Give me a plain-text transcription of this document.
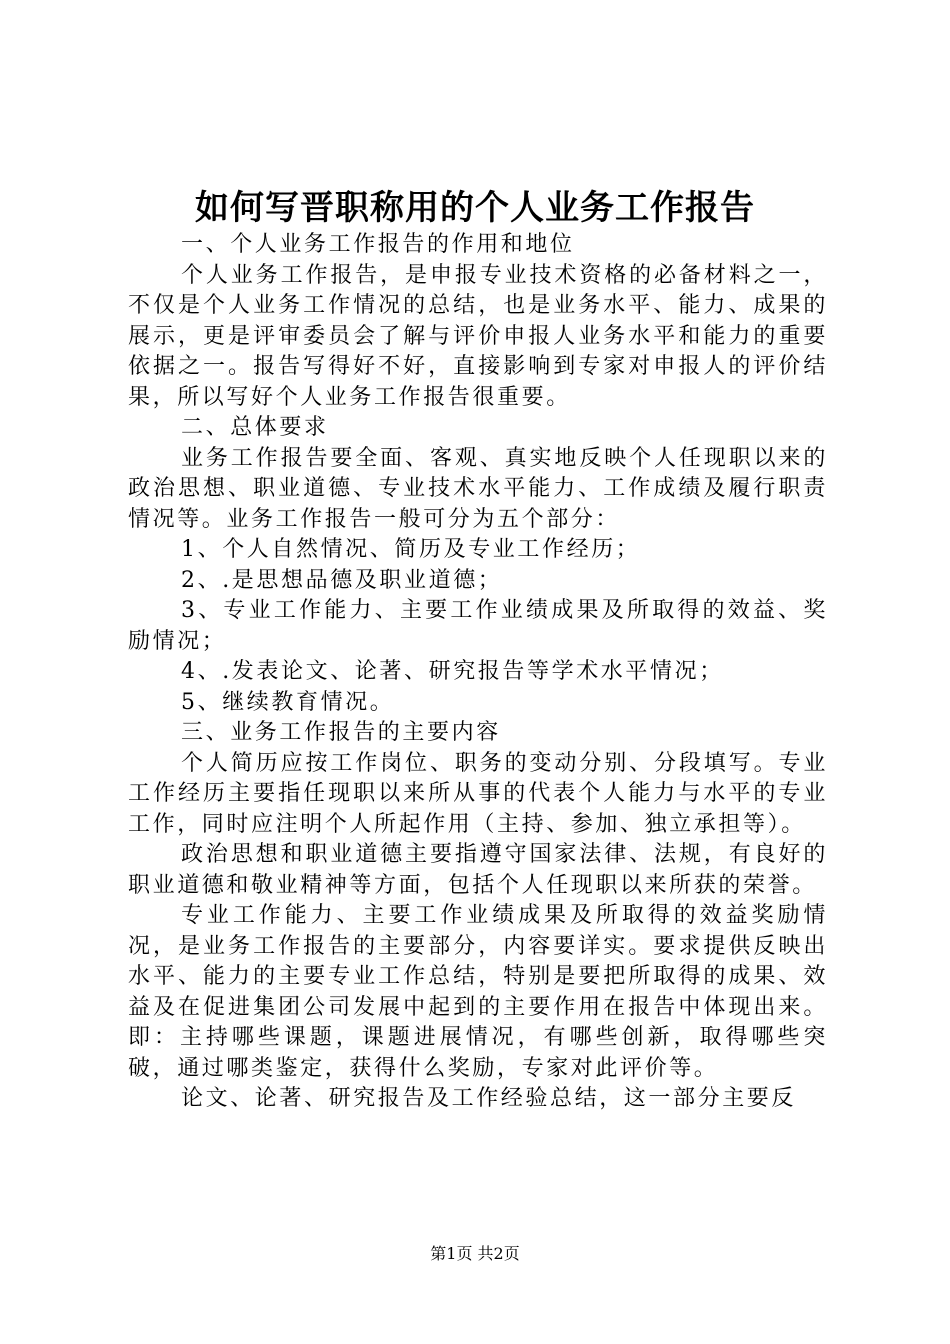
如何写晋职称用的个人业务工作报告

一、个人业务工作报告的作用和地位

个人业务工作报告，是申报专业技术资格的必备材料之一，不仅是个人业务工作情况的总结，也是业务水平、能力、成果的展示，更是评审委员会了解与评价申报人业务水平和能力的重要依据之一。报告写得好不好，直接影响到专家对申报人的评价结果，所以写好个人业务工作报告很重要。

二、总体要求

业务工作报告要全面、客观、真实地反映个人任现职以来的政治思想、职业道德、专业技术水平能力、工作成绩及履行职责情况等。业务工作报告一般可分为五个部分：

1、个人自然情况、简历及专业工作经历；

2、.是思想品德及职业道德；

3、专业工作能力、主要工作业绩成果及所取得的效益、奖励情况；

4、.发表论文、论著、研究报告等学术水平情况；

5、继续教育情况。

三、业务工作报告的主要内容

个人简历应按工作岗位、职务的变动分别、分段填写。专业工作经历主要指任现职以来所从事的代表个人能力与水平的专业工作，同时应注明个人所起作用（主持、参加、独立承担等）。

政治思想和职业道德主要指遵守国家法律、法规，有良好的职业道德和敬业精神等方面，包括个人任现职以来所获的荣誉。

专业工作能力、主要工作业绩成果及所取得的效益奖励情况，是业务工作报告的主要部分，内容要详实。要求提供反映出水平、能力的主要专业工作总结，特别是要把所取得的成果、效益及在促进集团公司发展中起到的主要作用在报告中体现出来。即：主持哪些课题，课题进展情况，有哪些创新，取得哪些突破，通过哪类鉴定，获得什么奖励，专家对此评价等。

论文、论著、研究报告及工作经验总结，这一部分主要反

第1页 共2页
